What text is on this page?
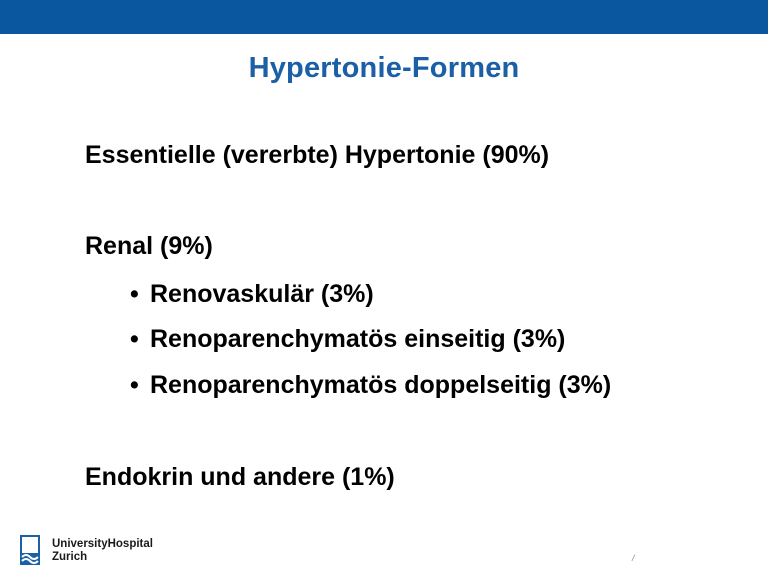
Hypertonie-Formen
Essentielle (vererbte) Hypertonie (90%)
Renal (9%)
• Renovaskulär (3%)
• Renoparenchymatös einseitig (3%)
• Renoparenchymatös doppelseitig (3%)
Endokrin und andere (1%)
UniversityHospital
Zurich	/
